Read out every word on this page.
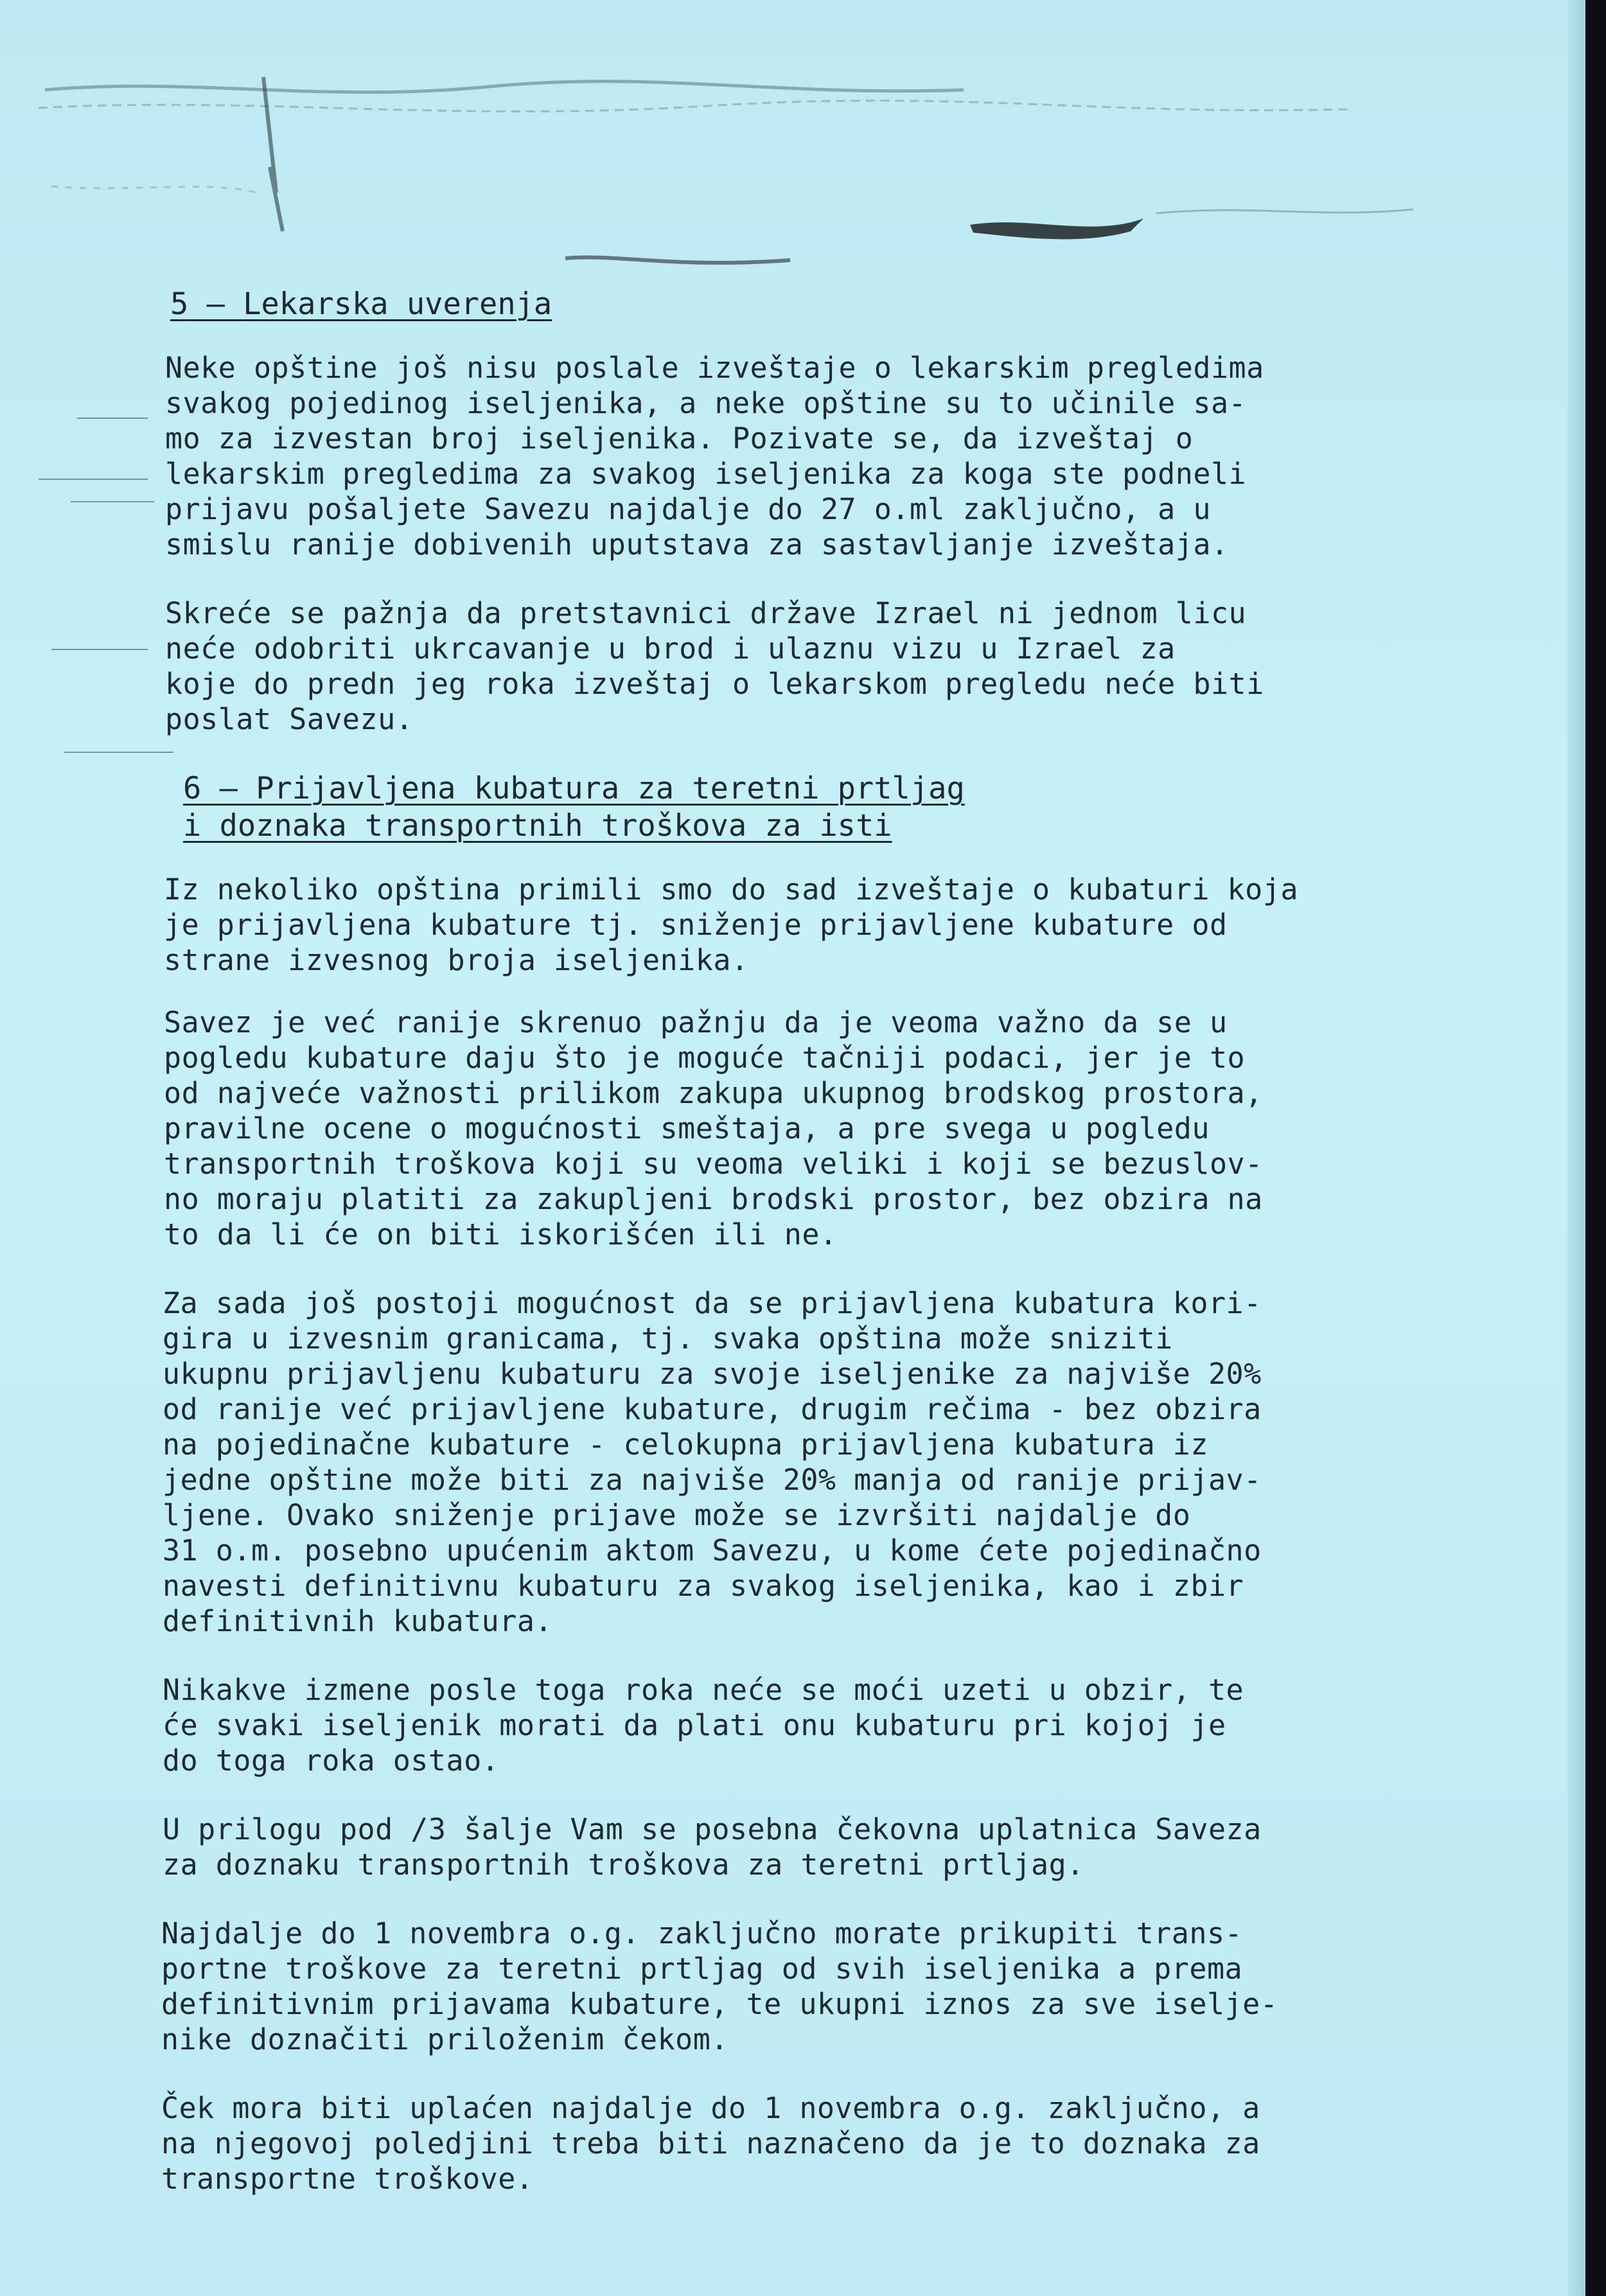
5 — Lekarska uverenja

Neke opštine još nisu poslale izveštaje o lekarskim pregledima
svakog pojedinog iseljenika, a neke opštine su to učinile sa-
mo za izvestan broj iseljenika. Pozivate se, da izveštaj o
lekarskim pregledima za svakog iseljenika za koga ste podneli
prijavu pošaljete Savezu najdalje do 27 o.ml zaključno, a u
smislu ranije dobivenih uputstava za sastavljanje izveštaja.

Skreće se pažnja da pretstavnici države Izrael ni jednom licu
neće odobriti ukrcavanje u brod i ulaznu vizu u Izrael za
koje do predn jeg roka izveštaj o lekarskom pregledu neće biti
poslat Savezu.

6 — Prijavljena kubatura za teretni prtljag
i doznaka transportnih troškova za isti

Iz nekoliko opština primili smo do sad izveštaje o kubaturi koja
je prijavljena kubature tj. sniženje prijavljene kubature od
strane izvesnog broja iseljenika.

Savez je već ranije skrenuo pažnju da je veoma važno da se u
pogledu kubature daju što je moguće tačniji podaci, jer je to
od najveće važnosti prilikom zakupa ukupnog brodskog prostora,
pravilne ocene o mogućnosti smeštaja, a pre svega u pogledu
transportnih troškova koji su veoma veliki i koji se bezuslov-
no moraju platiti za zakupljeni brodski prostor, bez obzira na
to da li će on biti iskorišćen ili ne.

Za sada još postoji mogućnost da se prijavljena kubatura kori-
gira u izvesnim granicama, tj. svaka opština može sniziti
ukupnu prijavljenu kubaturu za svoje iseljenike za najviše 20%
od ranije već prijavljene kubature, drugim rečima - bez obzira
na pojedinačne kubature - celokupna prijavljena kubatura iz
jedne opštine može biti za najviše 20% manja od ranije prijav-
ljene. Ovako sniženje prijave može se izvršiti najdalje do
31 o.m. posebno upućenim aktom Savezu, u kome ćete pojedinačno
navesti definitivnu kubaturu za svakog iseljenika, kao i zbir
definitivnih kubatura.

Nikakve izmene posle toga roka neće se moći uzeti u obzir, te
će svaki iseljenik morati da plati onu kubaturu pri kojoj je
do toga roka ostao.

U prilogu pod /3 šalje Vam se posebna čekovna uplatnica Saveza
za doznaku transportnih troškova za teretni prtljag.

Najdalje do 1 novembra o.g. zaključno morate prikupiti trans-
portne troškove za teretni prtljag od svih iseljenika a prema
definitivnim prijavama kubature, te ukupni iznos za sve iselje-
nike doznačiti priloženim čekom.

Ček mora biti uplaćen najdalje do 1 novembra o.g. zaključno, a
na njegovoj poledjini treba biti naznačeno da je to doznaka za
transportne troškove.
